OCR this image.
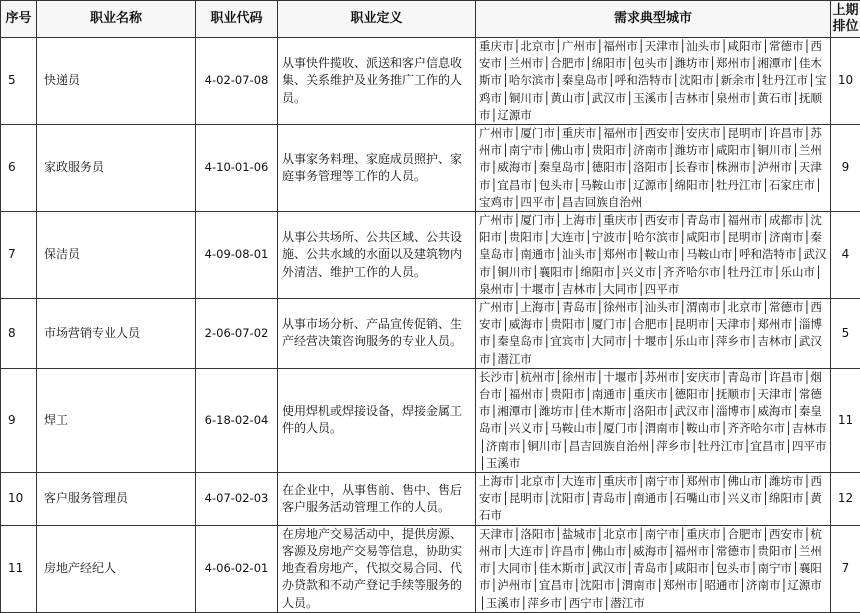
序号	职业名称	职业代码	职业定义	需求典型城市	上期
排位
5	快递员	4-02-07-08	从事快件揽收、派送和客户信息收集、关系维护及业务推广工作的人员。	重庆市│北京市│广州市│福州市│天津市│汕头市│咸阳市│常德市│西安市│兰州市│合肥市│绵阳市│包头市│潍坊市│郑州市│湘潭市│佳木斯市│哈尔滨市│秦皇岛市│呼和浩特市│沈阳市│新余市│牡丹江市│宝鸡市│铜川市│黄山市│武汉市│玉溪市│吉林市│泉州市│黄石市│抚顺市│辽源市	10
6	家政服务员	4-10-01-06	从事家务料理、家庭成员照护、家庭事务管理等工作的人员。	广州市│厦门市│重庆市│福州市│西安市│安庆市│昆明市│许昌市│苏州市│南宁市│佛山市│贵阳市│济南市│潍坊市│咸阳市│铜川市│兰州市│威海市│秦皇岛市│德阳市│洛阳市│长春市│株洲市│泸州市│天津市│宜昌市│包头市│马鞍山市│辽源市│绵阳市│牡丹江市│石家庄市│宝鸡市│四平市│昌吉回族自治州	9
7	保洁员	4-09-08-01	从事公共场所、公共区域、公共设施、公共水域的水面以及建筑物内外清洁、维护工作的人员。	广州市│厦门市│上海市│重庆市│西安市│青岛市│福州市│成都市│沈阳市│贵阳市│大连市│宁波市│哈尔滨市│咸阳市│昆明市│济南市│秦皇岛市│南通市│汕头市│郑州市│鞍山市│马鞍山市│呼和浩特市│武汉市│铜川市│襄阳市│绵阳市│兴义市│齐齐哈尔市│牡丹江市│乐山市│泉州市│十堰市│吉林市│大同市│四平市	4
8	市场营销专业人员	2-06-07-02	从事市场分析、产品宣传促销、生产经营决策咨询服务的专业人员。	广州市│上海市│青岛市│徐州市│汕头市│渭南市│北京市│常德市│西安市│威海市│贵阳市│厦门市│合肥市│昆明市│天津市│郑州市│淄博市│秦皇岛市│宜宾市│大同市│十堰市│乐山市│萍乡市│吉林市│武汉市│潜江市	5
9	焊工	6-18-02-04	使用焊机或焊接设备，焊接金属工件的人员。	长沙市│杭州市│徐州市│十堰市│苏州市│安庆市│青岛市│许昌市│烟台市│福州市│贵阳市│南通市│重庆市│德阳市│抚顺市│天津市│常德市│湘潭市│潍坊市│佳木斯市│洛阳市│武汉市│淄博市│威海市│秦皇岛市│兴义市│马鞍山市│厦门市│渭南市│鞍山市│齐齐哈尔市│吉林市│济南市│铜川市│昌吉回族自治州│萍乡市│牡丹江市│宜昌市│四平市│玉溪市	11
10	客户服务管理员	4-07-02-03	在企业中，从事售前、售中、售后客户服务活动管理工作的人员。	上海市│北京市│大连市│重庆市│南宁市│郑州市│佛山市│潍坊市│西安市│昆明市│沈阳市│青岛市│南通市│石嘴山市│兴义市│绵阳市│黄石市	12
11	房地产经纪人	4-06-02-01	在房地产交易活动中，提供房源、客源及房地产交易等信息，协助实地查看房地产，代拟交易合同、代办贷款和不动产登记手续等服务的人员。	天津市│洛阳市│盐城市│北京市│南宁市│重庆市│合肥市│西安市│杭州市│大连市│许昌市│佛山市│威海市│福州市│常德市│贵阳市│兰州市│大同市│佳木斯市│武汉市│青岛市│咸阳市│包头市│南宁市│襄阳市│泸州市│宜昌市│沈阳市│渭南市│郑州市│昭通市│济南市│辽源市│玉溪市│萍乡市│西宁市│潜江市	7
